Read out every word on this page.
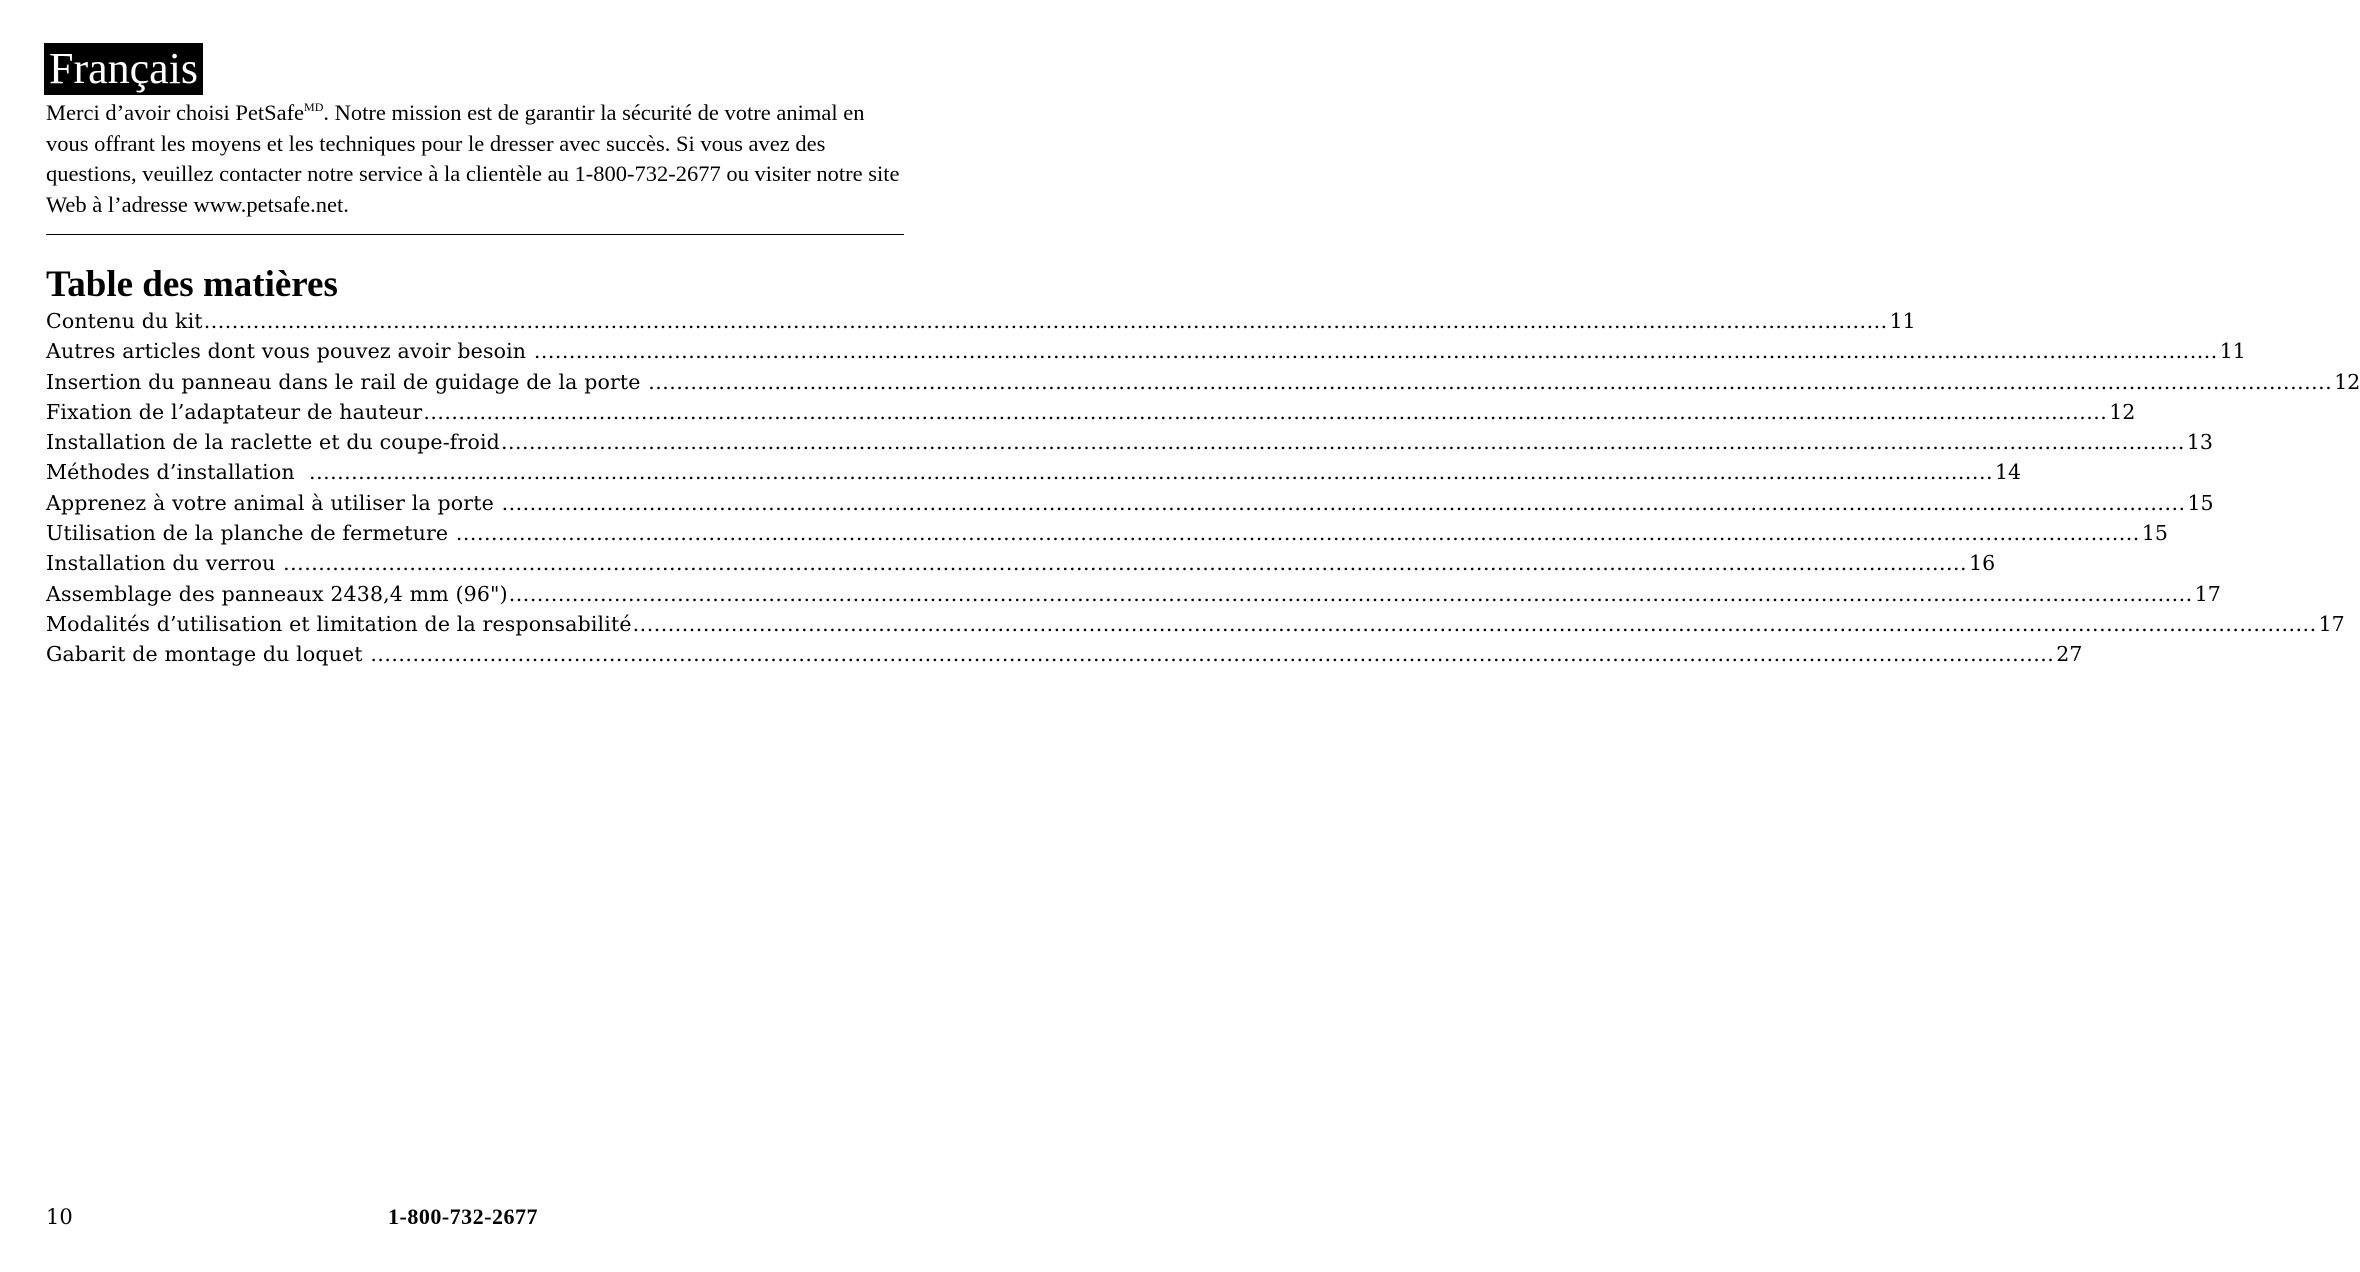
Français

Merci d’avoir choisi PetSafe$^{MD}$. Notre mission est de garantir la sécurité de votre animal en vous offrant les moyens et les techniques pour le dresser avec succès. Si vous avez des questions, veuillez contacter notre service à la clientèle au 1-800-732-2677 ou visiter notre site Web à l’adresse www.petsafe.net.

Table des matières
Contenu du kit ................................................................................................................................................................................................................................................ 11
Autres articles dont vous pouvez avoir besoin ................................................................................................................................................................................................................................................ 11
Insertion du panneau dans le rail de guidage de la porte ................................................................................................................................................................................................................................................ 12
Fixation de l’adaptateur de hauteur ................................................................................................................................................................................................................................................ 12
Installation de la raclette et du coupe-froid ................................................................................................................................................................................................................................................ 13
Méthodes d’installation ................................................................................................................................................................................................................................................ 14
Apprenez à votre animal à utiliser la porte ................................................................................................................................................................................................................................................ 15
Utilisation de la planche de fermeture ................................................................................................................................................................................................................................................ 15
Installation du verrou ................................................................................................................................................................................................................................................ 16
Assemblage des panneaux 2438,4 mm (96") ................................................................................................................................................................................................................................................ 17
Modalités d’utilisation et limitation de la responsabilité ................................................................................................................................................................................................................................................ 17
Gabarit de montage du loquet ................................................................................................................................................................................................................................................ 27
10	1-800-732-2677
